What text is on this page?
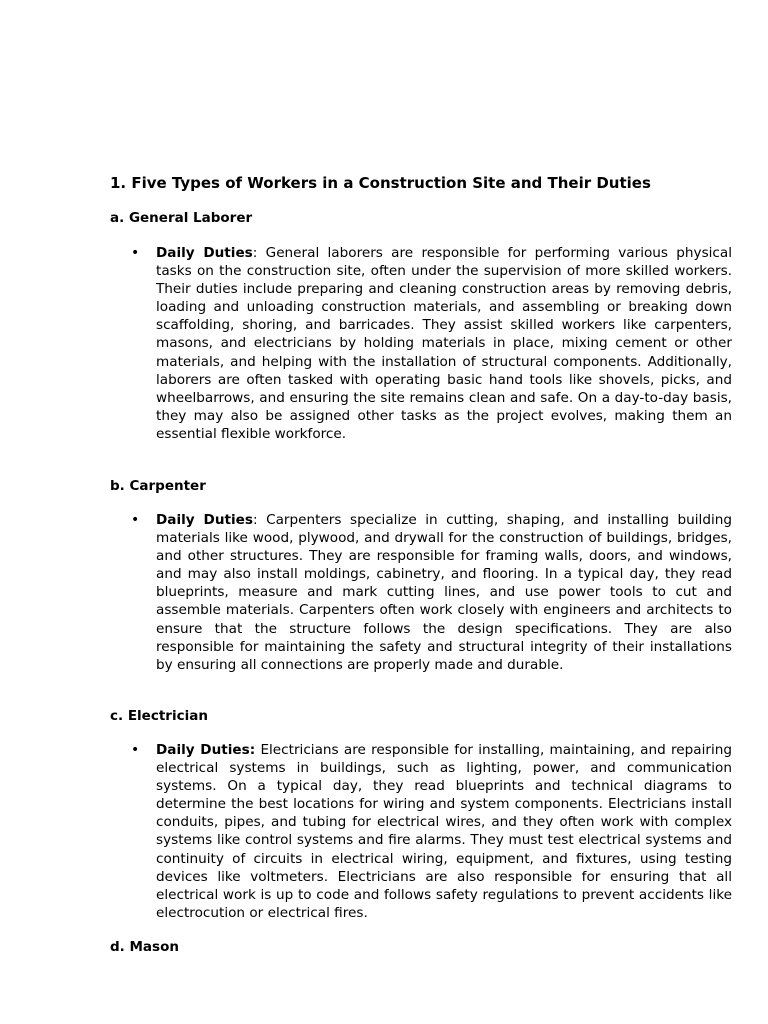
1. Five Types of Workers in a Construction Site and Their Duties
a. General Laborer
• Daily Duties: General laborers are responsible for performing various physical tasks on the construction site, often under the supervision of more skilled workers. Their duties include preparing and cleaning construction areas by removing debris, loading and unloading construction materials, and assembling or breaking down scaffolding, shoring, and barricades. They assist skilled workers like carpenters, masons, and electricians by holding materials in place, mixing cement or other materials, and helping with the installation of structural components. Additionally, laborers are often tasked with operating basic hand tools like shovels, picks, and wheelbarrows, and ensuring the site remains clean and safe. On a day-to-day basis, they may also be assigned other tasks as the project evolves, making them an essential flexible workforce.

b. Carpenter
• Daily Duties: Carpenters specialize in cutting, shaping, and installing building materials like wood, plywood, and drywall for the construction of buildings, bridges, and other structures. They are responsible for framing walls, doors, and windows, and may also install moldings, cabinetry, and flooring. In a typical day, they read blueprints, measure and mark cutting lines, and use power tools to cut and assemble materials. Carpenters often work closely with engineers and architects to ensure that the structure follows the design specifications. They are also responsible for maintaining the safety and structural integrity of their installations by ensuring all connections are properly made and durable.

c. Electrician
• Daily Duties: Electricians are responsible for installing, maintaining, and repairing electrical systems in buildings, such as lighting, power, and communication systems. On a typical day, they read blueprints and technical diagrams to determine the best locations for wiring and system components. Electricians install conduits, pipes, and tubing for electrical wires, and they often work with complex systems like control systems and fire alarms. They must test electrical systems and continuity of circuits in electrical wiring, equipment, and fixtures, using testing devices like voltmeters. Electricians are also responsible for ensuring that all electrical work is up to code and follows safety regulations to prevent accidents like electrocution or electrical fires.

d. Mason
